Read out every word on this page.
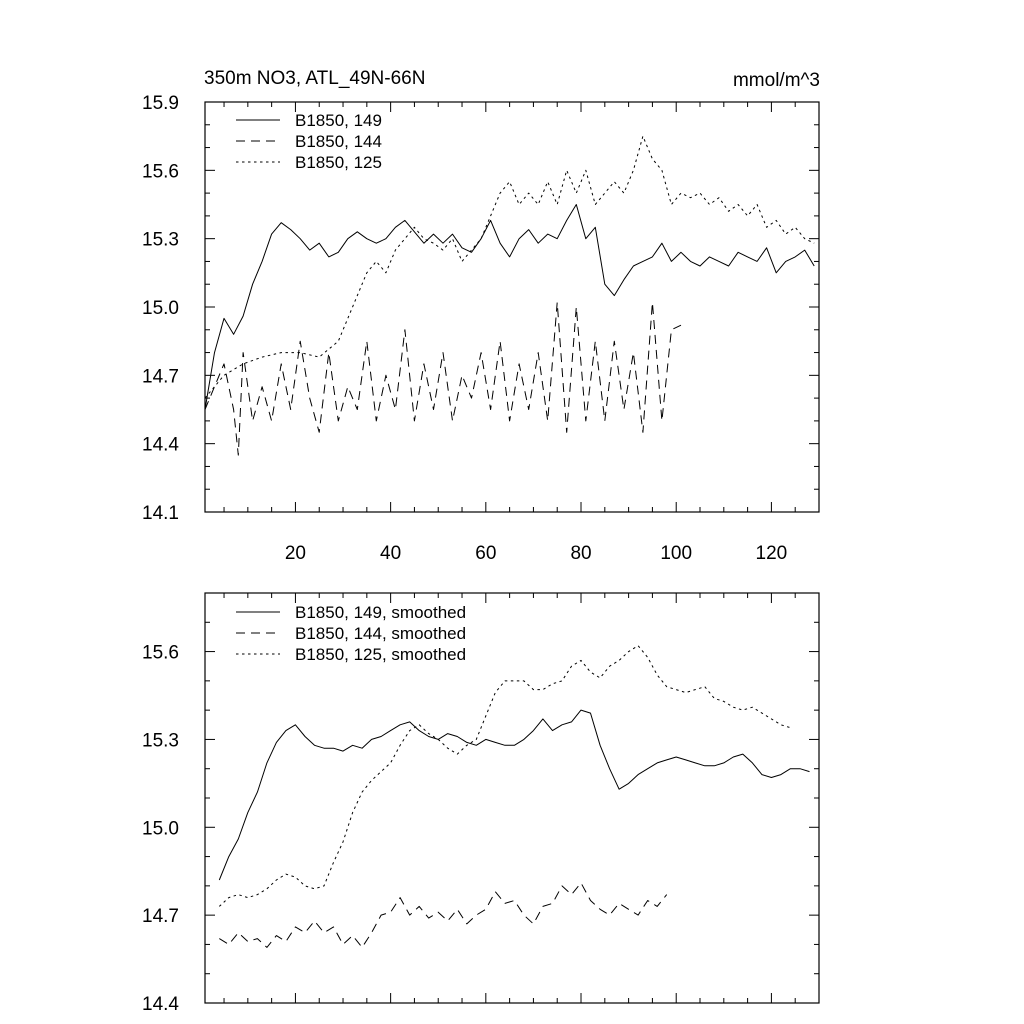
350m NO3, ATL_49N-66N	mmol/m^3
15.9
15.6
15.3
15.0
14.7
14.4
14.1
20	40	60	80	100	120
B1850, 149
B1850, 144
B1850, 125
15.6
15.3
15.0
14.7
14.4
B1850, 149, smoothed
B1850, 144, smoothed
B1850, 125, smoothed
